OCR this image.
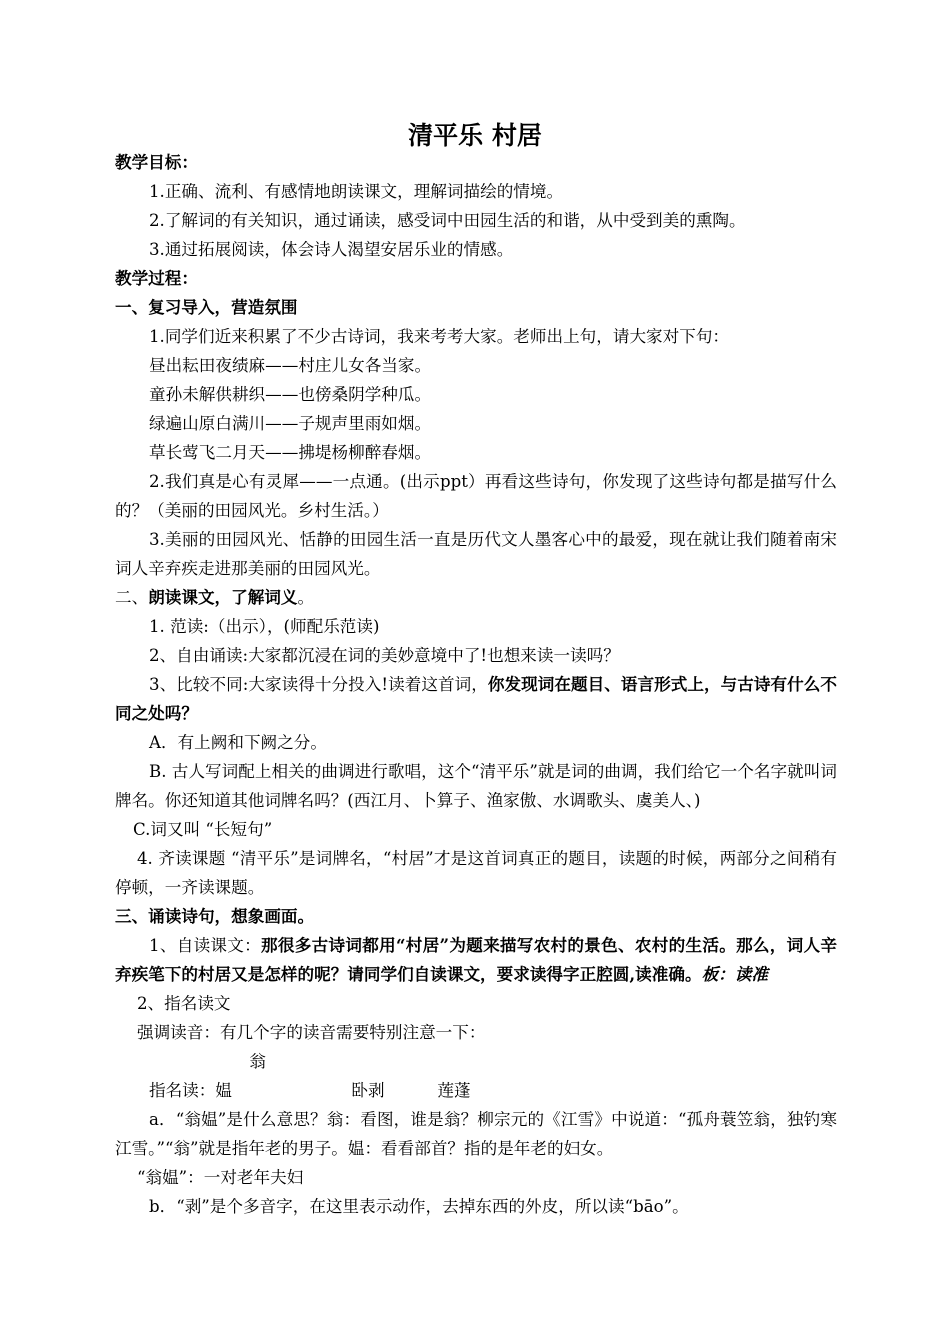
清平乐 村居

教学目标：

1.正确、流利、有感情地朗读课文，理解词描绘的情境。

2.了解词的有关知识，通过诵读，感受词中田园生活的和谐，从中受到美的熏陶。

3.通过拓展阅读，体会诗人渴望安居乐业的情感。

教学过程：

一、复习导入，营造氛围

1.同学们近来积累了不少古诗词，我来考考大家。老师出上句，请大家对下句：

昼出耘田夜绩麻——村庄儿女各当家。

童孙未解供耕织——也傍桑阴学种瓜。

绿遍山原白满川——子规声里雨如烟。

草长莺飞二月天——拂堤杨柳醉春烟。

2.我们真是心有灵犀——一点通。(出示ppt）再看这些诗句，你发现了这些诗句都是描写什么的？（美丽的田园风光。乡村生活。）

3.美丽的田园风光、恬静的田园生活一直是历代文人墨客心中的最爱，现在就让我们随着南宋词人辛弃疾走进那美丽的田园风光。

二、朗读课文，了解词义。

1. 范读:（出示），(师配乐范读)

2、自由诵读:大家都沉浸在词的美妙意境中了!也想来读一读吗？

3、比较不同:大家读得十分投入!读着这首词，你发现词在题目、语言形式上，与古诗有什么不同之处吗？

A．有上阙和下阙之分。

B. 古人写词配上相关的曲调进行歌唱，这个“清平乐”就是词的曲调，我们给它一个名字就叫词牌名。你还知道其他词牌名吗？(西江月、卜算子、渔家傲、水调歌头、虞美人、)

C.词又叫 “长短句”

4. 齐读课题 “清平乐”是词牌名，“村居”才是这首词真正的题目，读题的时候，两部分之间稍有停顿，一齐读课题。

三、诵读诗句，想象画面。

1、自读课文：那很多古诗词都用“村居”为题来描写农村的景色、农村的生活。那么，词人辛弃疾笔下的村居又是怎样的呢？请同学们自读课文，要求读得字正腔圆,读准确。板：读准

2、指名读文

强调读音：有几个字的读音需要特别注意一下：

指名读：翁媪	卧剥	莲蓬

a．“翁媪”是什么意思？翁：看图，谁是翁？柳宗元的《江雪》中说道：“孤舟蓑笠翁，独钓寒江雪。”“翁”就是指年老的男子。媪：看看部首？指的是年老的妇女。

“翁媪”：一对老年夫妇

b．“剥”是个多音字，在这里表示动作，去掉东西的外皮，所以读“bāo”。
